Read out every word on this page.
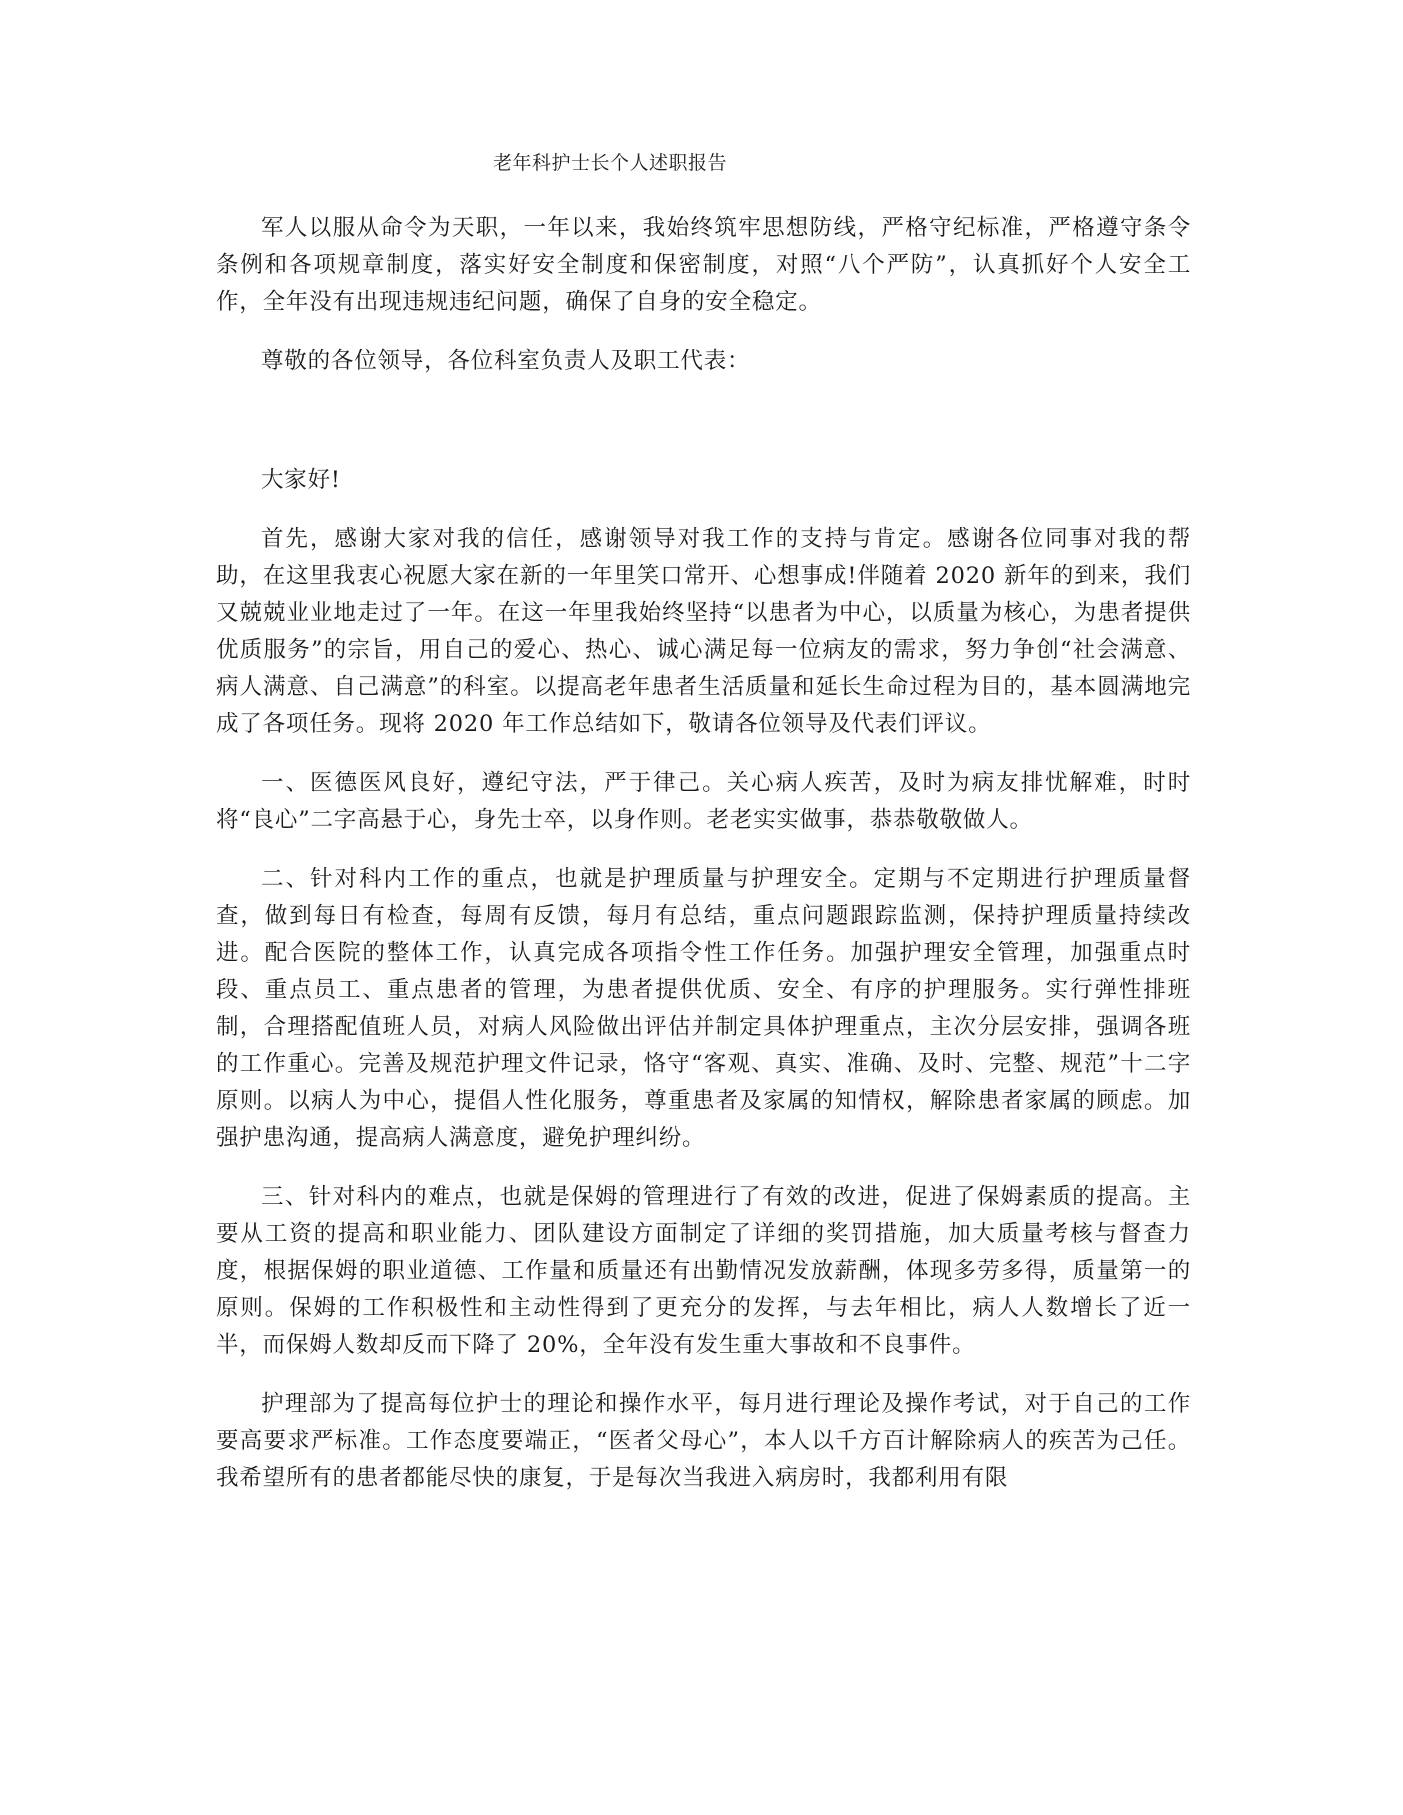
老年科护士长个人述职报告

军人以服从命令为天职，一年以来，我始终筑牢思想防线，严格守纪标准，严格遵守条令条例和各项规章制度，落实好安全制度和保密制度，对照“八个严防”，认真抓好个人安全工作，全年没有出现违规违纪问题，确保了自身的安全稳定。

尊敬的各位领导，各位科室负责人及职工代表：

大家好!

首先，感谢大家对我的信任，感谢领导对我工作的支持与肯定。感谢各位同事对我的帮助，在这里我衷心祝愿大家在新的一年里笑口常开、心想事成!伴随着 2020 新年的到来，我们又兢兢业业地走过了一年。在这一年里我始终坚持“以患者为中心，以质量为核心，为患者提供优质服务”的宗旨，用自己的爱心、热心、诚心满足每一位病友的需求，努力争创“社会满意、病人满意、自己满意”的科室。以提高老年患者生活质量和延长生命过程为目的，基本圆满地完成了各项任务。现将 2020 年工作总结如下，敬请各位领导及代表们评议。

一、医德医风良好，遵纪守法，严于律己。关心病人疾苦，及时为病友排忧解难，时时将“良心”二字高悬于心，身先士卒，以身作则。老老实实做事，恭恭敬敬做人。

二、针对科内工作的重点，也就是护理质量与护理安全。定期与不定期进行护理质量督查，做到每日有检查，每周有反馈，每月有总结，重点问题跟踪监测，保持护理质量持续改进。配合医院的整体工作，认真完成各项指令性工作任务。加强护理安全管理，加强重点时段、重点员工、重点患者的管理，为患者提供优质、安全、有序的护理服务。实行弹性排班制，合理搭配值班人员，对病人风险做出评估并制定具体护理重点，主次分层安排，强调各班的工作重心。完善及规范护理文件记录，恪守“客观、真实、准确、及时、完整、规范”十二字原则。以病人为中心，提倡人性化服务，尊重患者及家属的知情权，解除患者家属的顾虑。加强护患沟通，提高病人满意度，避免护理纠纷。

三、针对科内的难点，也就是保姆的管理进行了有效的改进，促进了保姆素质的提高。主要从工资的提高和职业能力、团队建设方面制定了详细的奖罚措施，加大质量考核与督查力度，根据保姆的职业道德、工作量和质量还有出勤情况发放薪酬，体现多劳多得，质量第一的原则。保姆的工作积极性和主动性得到了更充分的发挥，与去年相比，病人人数增长了近一半，而保姆人数却反而下降了 20%，全年没有发生重大事故和不良事件。

护理部为了提高每位护士的理论和操作水平，每月进行理论及操作考试，对于自己的工作要高要求严标准。工作态度要端正，“医者父母心”，本人以千方百计解除病人的疾苦为己任。我希望所有的患者都能尽快的康复，于是每次当我进入病房时，我都利用有限
